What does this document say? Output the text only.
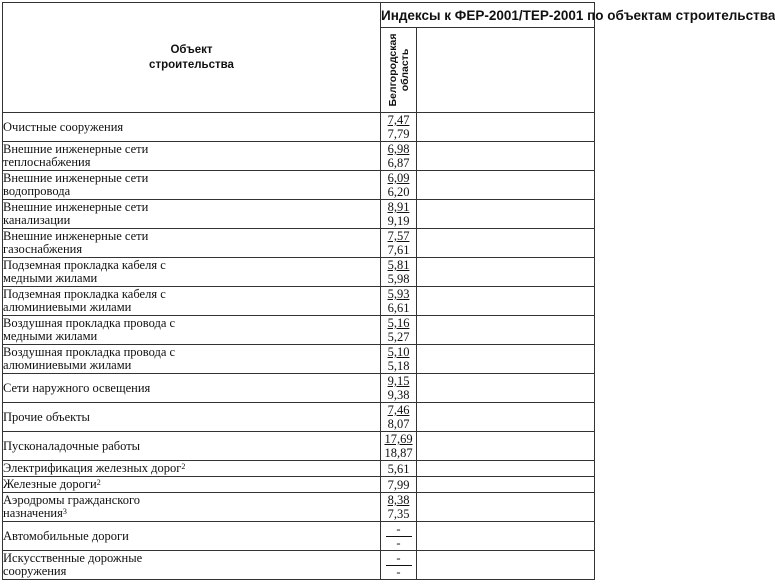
Объект
строительства	Индексы к ФЕР-2001/ТЕР-2001 по объектам строительства	

	Белгородская область	

Очистные сооружения	7,47
7,79	

Внешние инженерные сети
теплоснабжения	6,98
6,87	

Внешние инженерные сети
водопровода	6,09
6,20	

Внешние инженерные сети
канализации	8,91
9,19	

Внешние инженерные сети
газоснабжения	7,57
7,61	

Подземная прокладка кабеля с
медными жилами	5,81
5,98	

Подземная прокладка кабеля с
алюминиевыми жилами	5,93
6,61	

Воздушная прокладка провода с
медными жилами	5,16
5,27	

Воздушная прокладка провода с
алюминиевыми жилами	5,10
5,18	

Сети наружного освещения	9,15
9,38	

Прочие объекты	7,46
8,07	

Пусконаладочные работы	17,69
18,87	

Электрификация железных дорог$^2$	5,61	

Железные дороги$^2$	7,99	

Аэродромы гражданского
назначения$^3$	8,38
7,35	

Автомобильные дороги	-
-	

Искусственные дорожные
сооружения	-
-	
